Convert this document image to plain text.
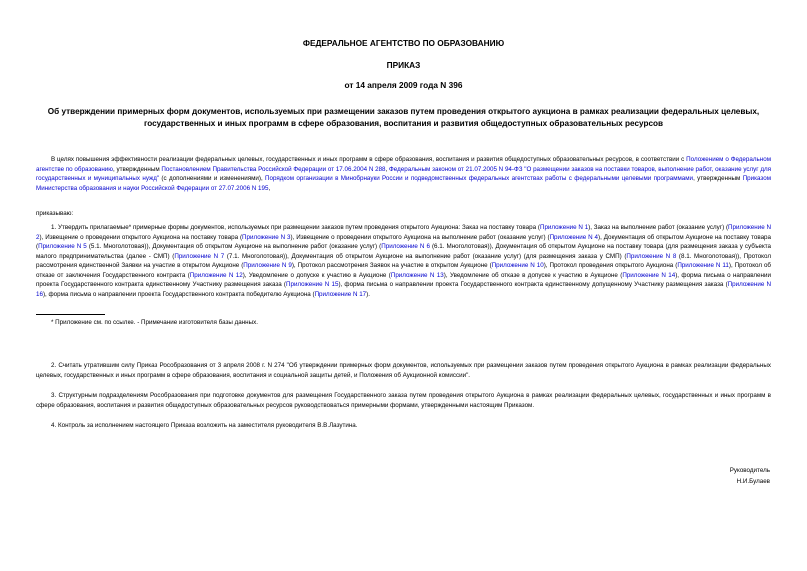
ФЕДЕРАЛЬНОЕ АГЕНТСТВО ПО ОБРАЗОВАНИЮ
ПРИКАЗ
от 14 апреля 2009 года N 396
Об утверждении примерных форм документов, используемых при размещении заказов путем проведения открытого аукциона в рамках реализации федеральных целевых, государственных и иных программ в сфере образования, воспитания и развития общедоступных образовательных ресурсов
В целях повышения эффективности реализации федеральных целевых, государственных и иных программ в сфере образования, воспитания и развития общедоступных образовательных ресурсов, в соответствии с Положением о Федеральном агентстве по образованию, утвержденным Постановлением Правительства Российской Федерации от 17.06.2004 N 288, Федеральным законом от 21.07.2005 N 94-ФЗ "О размещении заказов на поставки товаров, выполнение работ, оказание услуг для государственных и муниципальных нужд" (с дополнениями и изменениями), Порядком организации в Минобрнауки России и подведомственных федеральных агентствах работы с федеральными целевыми программами, утвержденным Приказом Министерства образования и науки Российской Федерации от 27.07.2006 N 195,
приказываю:
1. Утвердить прилагаемые* примерные формы документов, используемых при размещении заказов путем проведения открытого Аукциона: Заказ на поставку товара (Приложение N 1), Заказ на выполнение работ (оказание услуг) (Приложение N 2), Извещение о проведении открытого Аукциона на поставку товара (Приложение N 3), Извещение о проведении открытого Аукциона на выполнение работ (оказание услуг) (Приложение N 4), Документация об открытом Аукционе на поставку товара (Приложение N 5 (5.1. Многолотовая)), Документация об открытом Аукционе на выполнение работ (оказание услуг) (Приложение N 6 (6.1. Многолотовая)), Документация об открытом Аукционе на поставку товара (для размещения заказа у субъекта малого предпринимательства (далее - СМП) (Приложение N 7 (7.1. Многолотовая)), Документация об открытом Аукционе на выполнение работ (оказание услуг) (для размещения заказа у СМП) (Приложение N 8 (8.1. Многолотовая)), Протокол рассмотрения единственной Заявки на участие в открытом Аукционе (Приложение N 9), Протокол рассмотрения Заявок на участие в открытом Аукционе (Приложение N 10), Протокол проведения открытого Аукциона (Приложение N 11), Протокол об отказе от заключения Государственного контракта (Приложение N 12), Уведомление о допуске к участию в Аукционе (Приложение N 13), Уведомление об отказе в допуске к участию в Аукционе (Приложение N 14), форма письма о направлении проекта Государственного контракта единственному Участнику размещения заказа (Приложение N 15), форма письма о направлении проекта Государственного контракта единственному допущенному Участнику размещения заказа (Приложение N 16), форма письма о направлении проекта Государственного контракта победителю Аукциона (Приложение N 17).
* Приложение см. по ссылке. - Примечание изготовителя базы данных.
2. Считать утратившим силу Приказ Рособразования от 3 апреля 2008 г. N 274 "Об утверждении примерных форм документов, используемых при размещении заказов путем проведения открытого Аукциона в рамках реализации федеральных целевых, государственных и иных программ в сфере образования, воспитания и социальной защиты детей, и Положения об Аукционной комиссии".
3. Структурным подразделениям Рособразования при подготовке документов для размещения Государственного заказа путем проведения открытого Аукциона в рамках реализации федеральных целевых, государственных и иных программ в сфере образования, воспитания и развития общедоступных образовательных ресурсов руководствоваться примерными формами, утвержденными настоящим Приказом.
4. Контроль за исполнением настоящего Приказа возложить на заместителя руководителя В.В.Лазутина.
Руководитель
Н.И.Булаев
